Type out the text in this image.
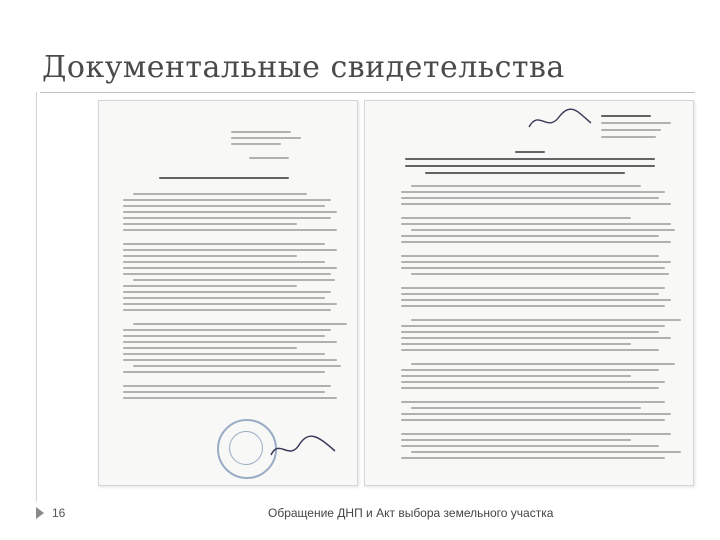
Документальные свидетельства
16	Обращение ДНП и Акт выбора земельного участка
